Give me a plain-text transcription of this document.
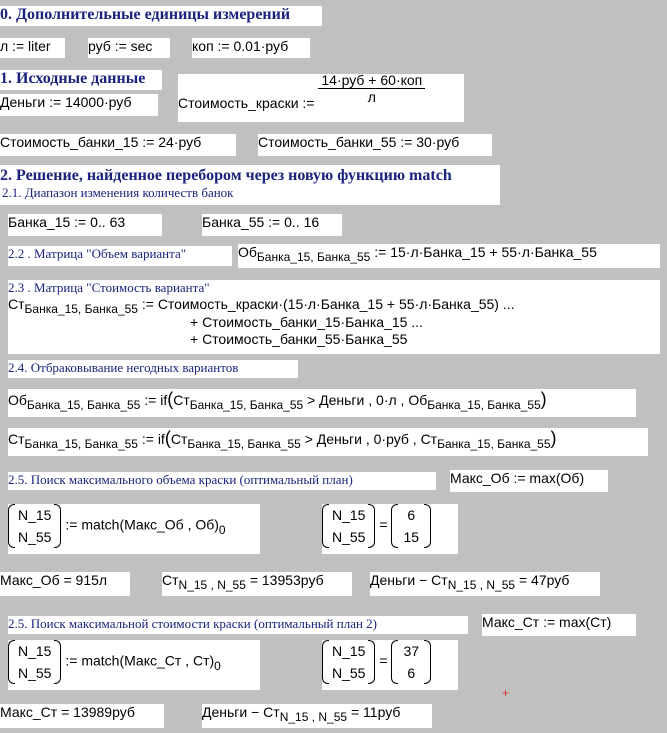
0. Дополнительные единицы измерений
л := liter	руб := sec	коп := 0.01·руб
1. Исходные данные
Деньги := 14000·руб	Стоимость_краски := $\frac{\text{14·руб + 60·коп}}{л}$
Стоимость_банки_15 := 24·руб	Стоимость_банки_55 := 30·руб
2. Решение, найденное перебором через новую функцию match
2.1. Диапазон изменения количеств банок
Банка_15 := 0.. 63	Банка_55 := 0.. 16
2.2 . Матрица "Объем варианта"	ОбБанка_15, Банка_55 := 15·л·Банка_15 + 55·л·Банка_55
2.3 . Матрица "Стоимость варианта"
СтБанка_15, Банка_55 := Стоимость_краски·(15·л·Банка_15 + 55·л·Банка_55) ...
+ Стоимость_банки_15·Банка_15 ...
+ Стоимость_банки_55·Банка_55
2.4. Отбраковывание негодных вариантов
ОбБанка_15, Банка_55 := if(СтБанка_15, Банка_55 > Деньги , 0·л , ОбБанка_15, Банка_55)
СтБанка_15, Банка_55 := if(СтБанка_15, Банка_55 > Деньги , 0·руб , СтБанка_15, Банка_55)
2.5. Поиск максимального объема краски (оптимальный план)	Макс_Об := max(Об)
N_15
N_55
:= match(Макс_Об , Об)0
N_15
N_55
=
6
15
Макс_Об = 915л	СтN_15 , N_55 = 13953руб	Деньги − СтN_15 , N_55 = 47руб
2.5. Поиск максимальной стоимости краски (оптимальный план 2)	Макс_Ст := max(Ст)
N_15
N_55
:= match(Макс_Ст , Ст)0
N_15
N_55
=
37
6
+
Макс_Ст = 13989руб	Деньги − СтN_15 , N_55 = 11руб
